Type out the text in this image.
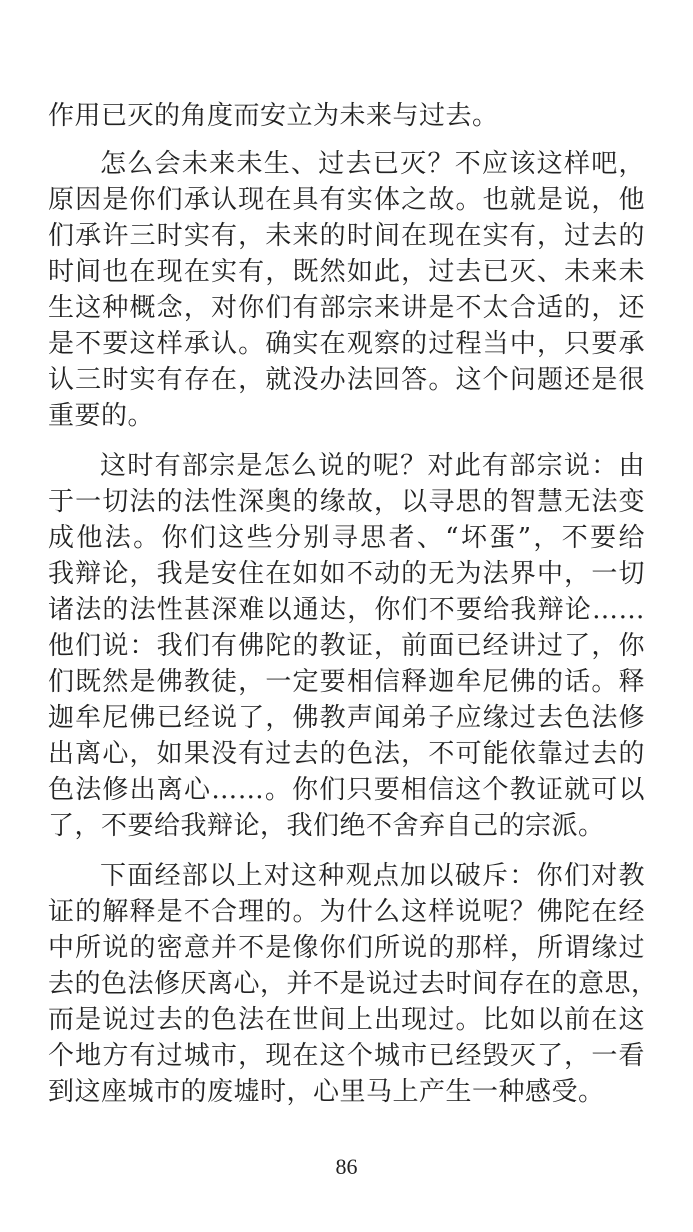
作用已灭的角度而安立为未来与过去。
怎么会未来未生、过去已灭？不应该这样吧，
原因是你们承认现在具有实体之故。也就是说，他
们承许三时实有，未来的时间在现在实有，过去的
时间也在现在实有，既然如此，过去已灭、未来未
生这种概念，对你们有部宗来讲是不太合适的，还
是不要这样承认。确实在观察的过程当中，只要承
认三时实有存在，就没办法回答。这个问题还是很
重要的。
这时有部宗是怎么说的呢？对此有部宗说：由
于一切法的法性深奥的缘故，以寻思的智慧无法变
成他法。你们这些分别寻思者、“坏蛋”，不要给
我辩论，我是安住在如如不动的无为法界中，一切
诸法的法性甚深难以通达，你们不要给我辩论……
他们说：我们有佛陀的教证，前面已经讲过了，你
们既然是佛教徒，一定要相信释迦牟尼佛的话。释
迦牟尼佛已经说了，佛教声闻弟子应缘过去色法修
出离心，如果没有过去的色法，不可能依靠过去的
色法修出离心……。你们只要相信这个教证就可以
了，不要给我辩论，我们绝不舍弃自己的宗派。
下面经部以上对这种观点加以破斥：你们对教
证的解释是不合理的。为什么这样说呢？佛陀在经
中所说的密意并不是像你们所说的那样，所谓缘过
去的色法修厌离心，并不是说过去时间存在的意思，
而是说过去的色法在世间上出现过。比如以前在这
个地方有过城市，现在这个城市已经毁灭了，一看
到这座城市的废墟时，心里马上产生一种感受。
86
